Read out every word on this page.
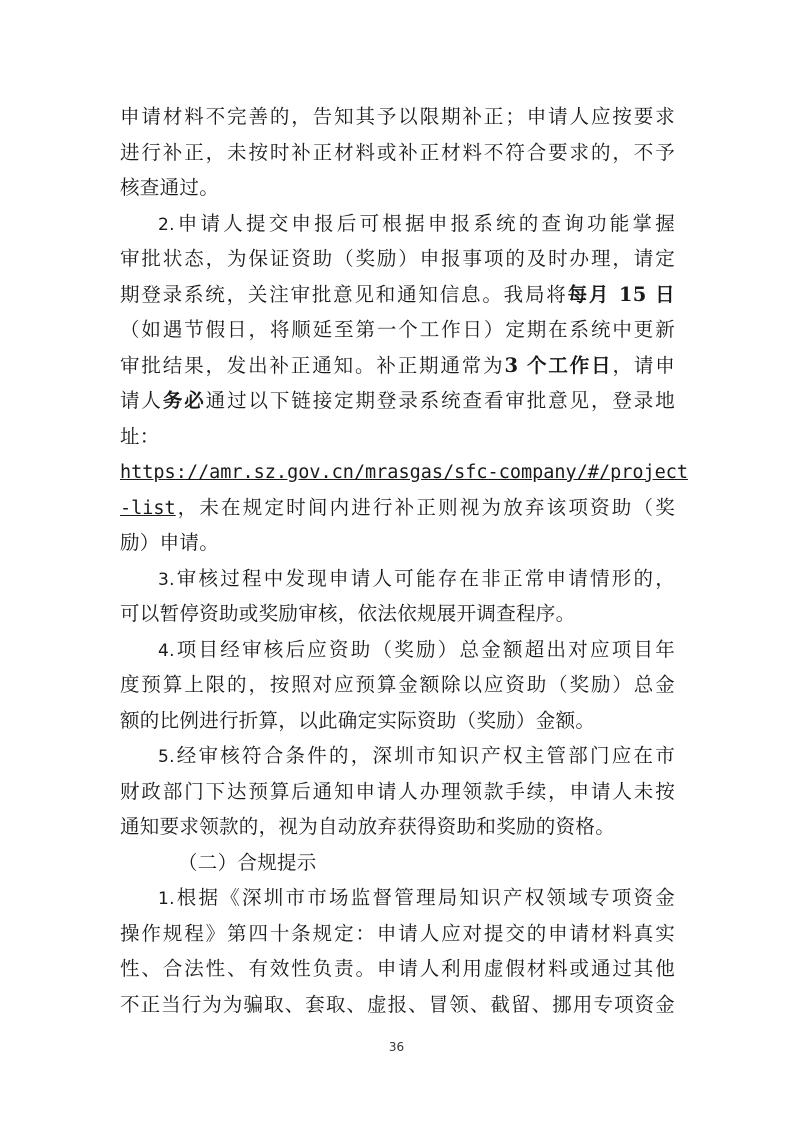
申请材料不完善的，告知其予以限期补正；申请人应按要求
进行补正，未按时补正材料或补正材料不符合要求的，不予
核查通过。
2.申请人提交申报后可根据申报系统的查询功能掌握
审批状态，为保证资助（奖励）申报事项的及时办理，请定
期登录系统，关注审批意见和通知信息。我局将每月 15 日
（如遇节假日，将顺延至第一个工作日）定期在系统中更新
审批结果，发出补正通知。补正期通常为3 个工作日，请申
请人务必通过以下链接定期登录系统查看审批意见，登录地
址：
https://amr.sz.gov.cn/mrasgas/sfc-company/#/project
-list，未在规定时间内进行补正则视为放弃该项资助（奖
励）申请。
3.审核过程中发现申请人可能存在非正常申请情形的，
可以暂停资助或奖励审核，依法依规展开调查程序。
4.项目经审核后应资助（奖励）总金额超出对应项目年
度预算上限的，按照对应预算金额除以应资助（奖励）总金
额的比例进行折算，以此确定实际资助（奖励）金额。
5.经审核符合条件的，深圳市知识产权主管部门应在市
财政部门下达预算后通知申请人办理领款手续，申请人未按
通知要求领款的，视为自动放弃获得资助和奖励的资格。
（二）合规提示
1.根据《深圳市市场监督管理局知识产权领域专项资金
操作规程》第四十条规定：申请人应对提交的申请材料真实
性、合法性、有效性负责。申请人利用虚假材料或通过其他
不正当行为为骗取、套取、虚报、冒领、截留、挪用专项资金
36
